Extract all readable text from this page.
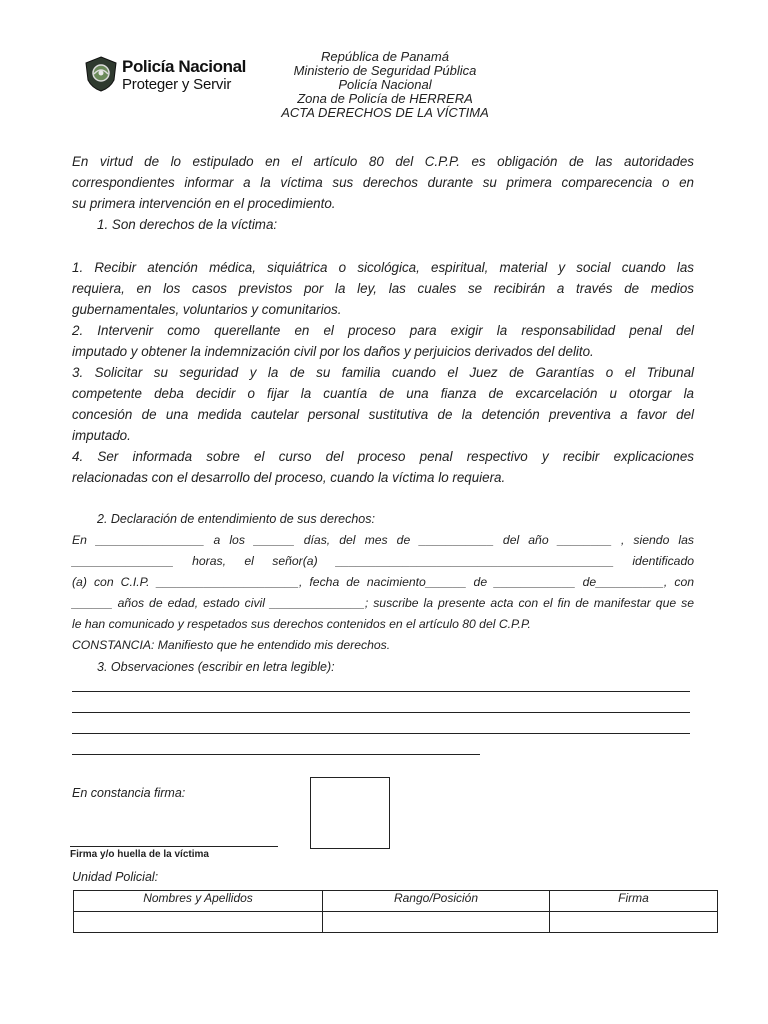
Policía Nacional
Proteger y Servir
República de Panamá
Ministerio de Seguridad Pública
Policía Nacional
Zona de Policía de HERRERA
ACTA DERECHOS DE LA VÍCTIMA
En virtud de lo estipulado en el artículo 80 del C.P.P. es obligación de las autoridades
correspondientes informar a la víctima sus derechos durante su primera comparecencia o en
su primera intervención en el procedimiento.
1. Son derechos de la víctima:
1. Recibir atención médica, siquiátrica o sicológica, espiritual, material y social cuando las
requiera, en los casos previstos por la ley, las cuales se recibirán a través de medios
gubernamentales, voluntarios y comunitarios.
2. Intervenir como querellante en el proceso para exigir la responsabilidad penal del
imputado y obtener la indemnización civil por los daños y perjuicios derivados del delito.
3. Solicitar su seguridad y la de su familia cuando el Juez de Garantías o el Tribunal
competente deba decidir o fijar la cuantía de una fianza de excarcelación u otorgar la
concesión de una medida cautelar personal sustitutiva de la detención preventiva a favor del
imputado.
4. Ser informada sobre el curso del proceso penal respectivo y recibir explicaciones
relacionadas con el desarrollo del proceso, cuando la víctima lo requiera.
2. Declaración de entendimiento de sus derechos:
En ________________ a los ______ días, del mes de ___________ del año ________ , siendo las
_______________ horas, el señor(a) _________________________________________ identificado
(a) con C.I.P. _____________________, fecha de nacimiento______ de ____________ de__________, con
______ años de edad, estado civil ______________; suscribe la presente acta con el fin de manifestar que se
le han comunicado y respetados sus derechos contenidos en el artículo 80 del C.P.P.
CONSTANCIA: Manifiesto que he entendido mis derechos.
3. Observaciones (escribir en letra legible):
En constancia firma:
Firma y/o huella de la víctima
Unidad Policial:
Nombres y Apellidos	Rango/Posición	Firma
